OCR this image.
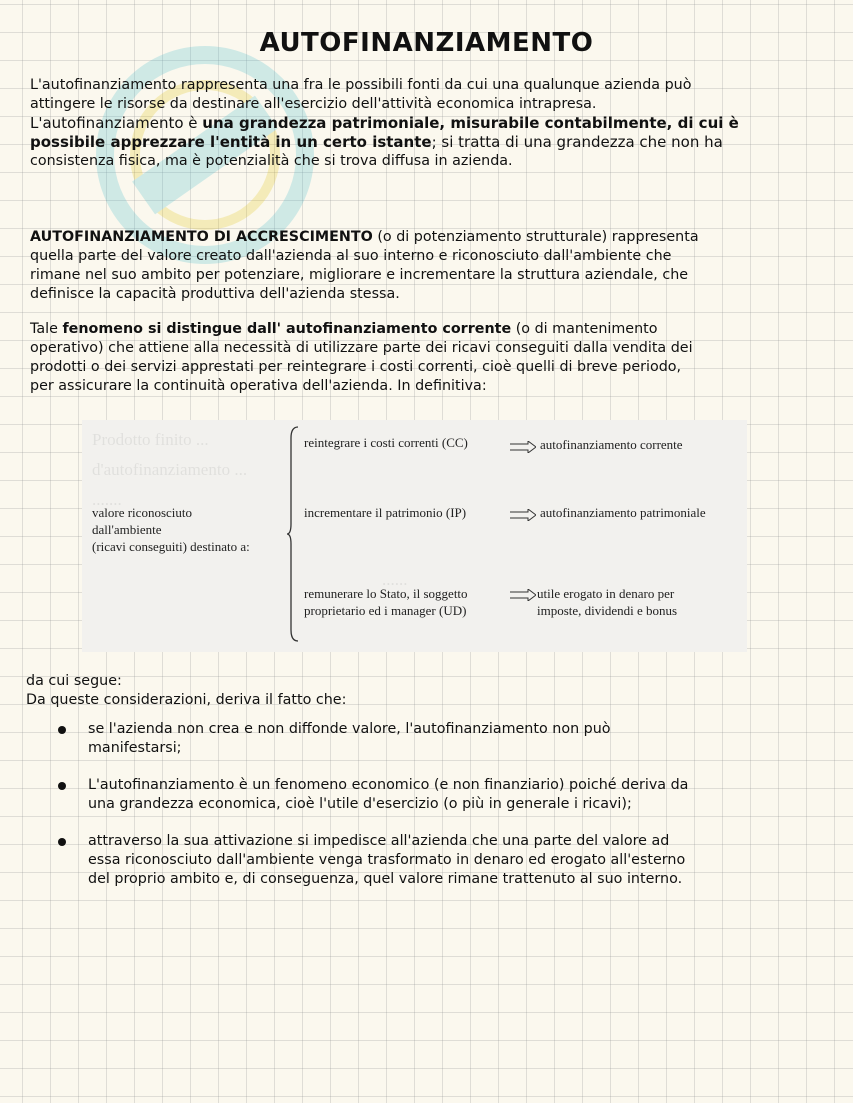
AUTOFINANZIAMENTO
L'autofinanziamento rappresenta una fra le possibili fonti da cui una qualunque azienda può
attingere le risorse da destinare all'esercizio dell'attività economica intrapresa.
L'autofinanziamento è una grandezza patrimoniale, misurabile contabilmente, di cui è
possibile apprezzare l'entità in un certo istante; si tratta di una grandezza che non ha
consistenza fisica, ma è potenzialità che si trova diffusa in azienda.
AUTOFINANZIAMENTO DI ACCRESCIMENTO (o di potenziamento strutturale) rappresenta
quella parte del valore creato dall'azienda al suo interno e riconosciuto dall'ambiente che
rimane nel suo ambito per potenziare, migliorare e incrementare la struttura aziendale, che
definisce la capacità produttiva dell'azienda stessa.
Tale fenomeno si distingue dall' autofinanziamento corrente (o di mantenimento
operativo) che attiene alla necessità di utilizzare parte dei ricavi conseguiti dalla vendita dei
prodotti o dei servizi apprestati per reintegrare i costi correnti, cioè quelli di breve periodo,
per assicurare la continuità operativa dell'azienda. In definitiva:
Prodotto finito ...
d'autofinanziamento ...
.......
......
valore riconosciuto
dall'ambiente
(ricavi conseguiti) destinato a:
reintegrare i costi correnti (CC)	autofinanziamento corrente
incrementare il patrimonio (IP)	autofinanziamento patrimoniale
remunerare lo Stato, il soggetto
proprietario ed i manager (UD)
utile erogato in denaro per
imposte, dividendi e bonus
da cui segue:
Da queste considerazioni, deriva il fatto che:
se l'azienda non crea e non diffonde valore, l'autofinanziamento non può
manifestarsi;
L'autofinanziamento è un fenomeno economico (e non finanziario) poiché deriva da
una grandezza economica, cioè l'utile d'esercizio (o più in generale i ricavi);
attraverso la sua attivazione si impedisce all'azienda che una parte del valore ad
essa riconosciuto dall'ambiente venga trasformato in denaro ed erogato all'esterno
del proprio ambito e, di conseguenza, quel valore rimane trattenuto al suo interno.
